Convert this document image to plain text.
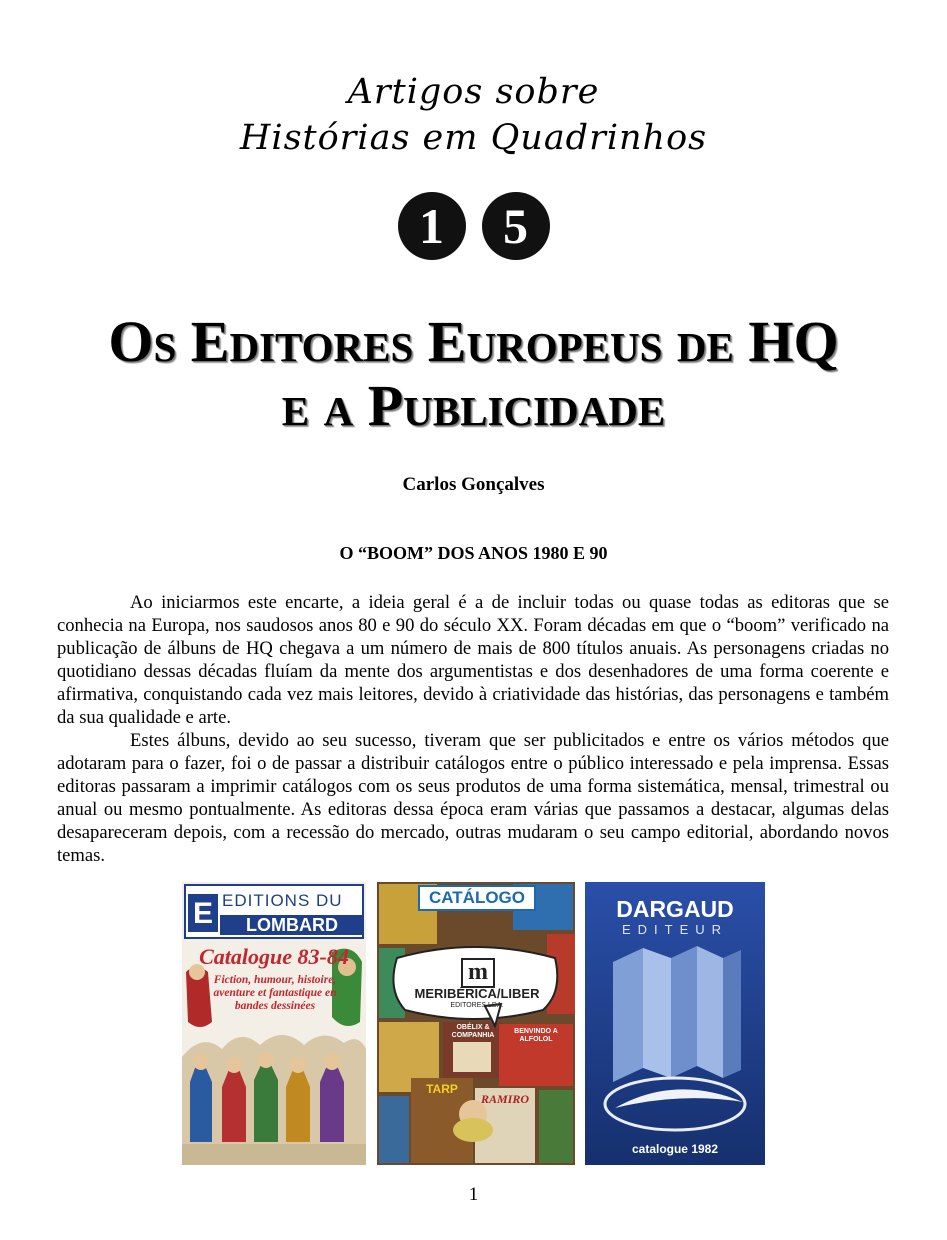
Artigos sobre
Histórias em Quadrinhos
1	5
Os Editores Europeus de HQ
e a Publicidade
Carlos Gonçalves
O “BOOM” DOS ANOS 1980 E 90

Ao iniciarmos este encarte, a ideia geral é a de incluir todas ou quase todas as editoras que se conhecia na Europa, nos saudosos anos 80 e 90 do século XX. Foram décadas em que o “boom” verificado na publicação de álbuns de HQ chegava a um número de mais de 800 títulos anuais. As personagens criadas no quotidiano dessas décadas fluíam da mente dos argumentistas e dos desenhadores de uma forma coerente e afirmativa, conquistando cada vez mais leitores, devido à criatividade das histórias, das personagens e também da sua qualidade e arte.

Estes álbuns, devido ao seu sucesso, tiveram que ser publicitados e entre os vários métodos que adotaram para o fazer, foi o de passar a distribuir catálogos entre o público interessado e pela imprensa. Essas editoras passaram a imprimir catálogos com os seus produtos de uma forma sistemática, mensal, trimestral ou anual ou mesmo pontualmente. As editoras dessa época eram várias que passamos a destacar, algumas delas desapareceram depois, com a recessão do mercado, outras mudaram o seu campo editorial, abordando novos temas.

E EDITIONS DU
LOMBARD
Catalogue 83-84
Fiction, humour, histoire, aventure et fantastique en bandes dessinées
CATÁLOGO
m
MERIBÉRICA/LIBER
EDITORES LDA.
OBÉLIX & COMPANHIA
BENVINDO A ALFOLOL
TARP
RAMIRO
DARGAUD
EDITEUR
catalogue 1982
1
